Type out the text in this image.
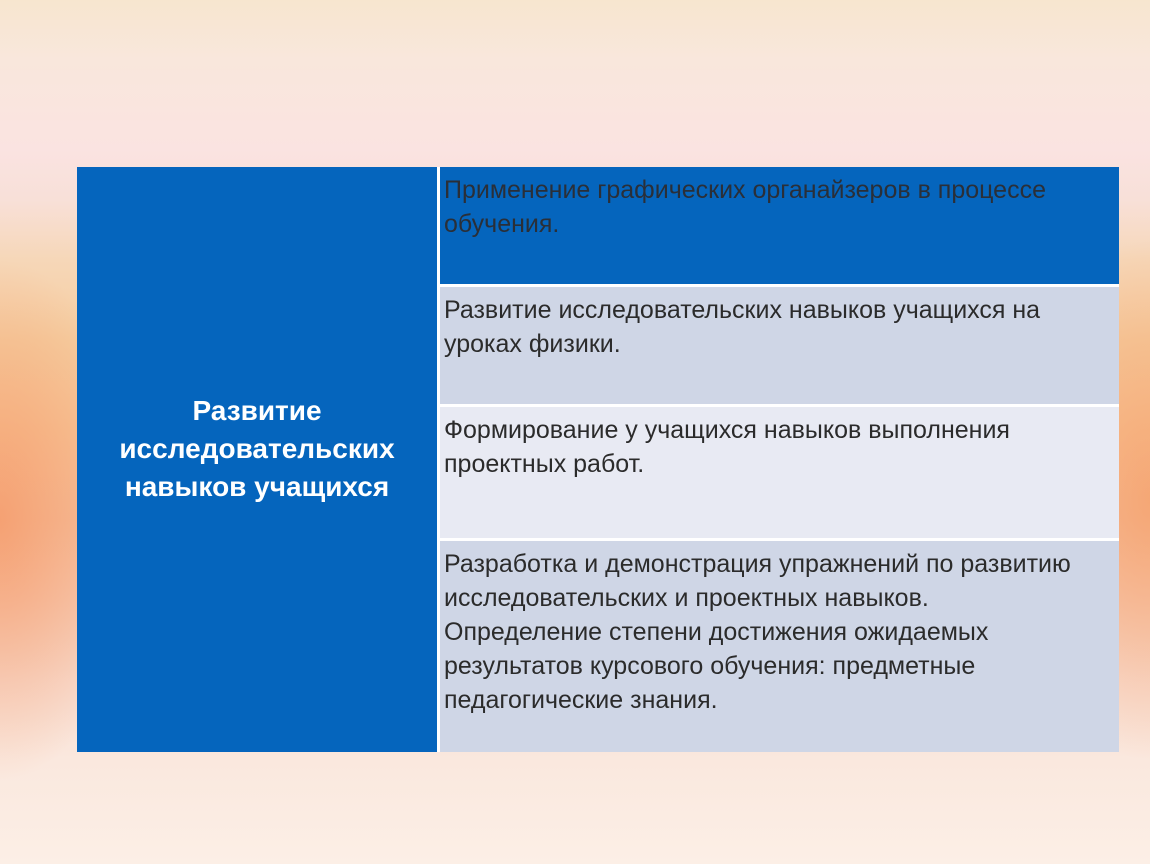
Развитие исследовательских навыков учащихся
Применение графических органайзеров в процессе обучения.
Развитие исследовательских навыков учащихся на уроках физики.
Формирование у учащихся навыков выполнения проектных работ.
Разработка и демонстрация упражнений по развитию исследовательских и проектных навыков.
Определение степени достижения ожидаемых результатов курсового обучения: предметные педагогические знания.
